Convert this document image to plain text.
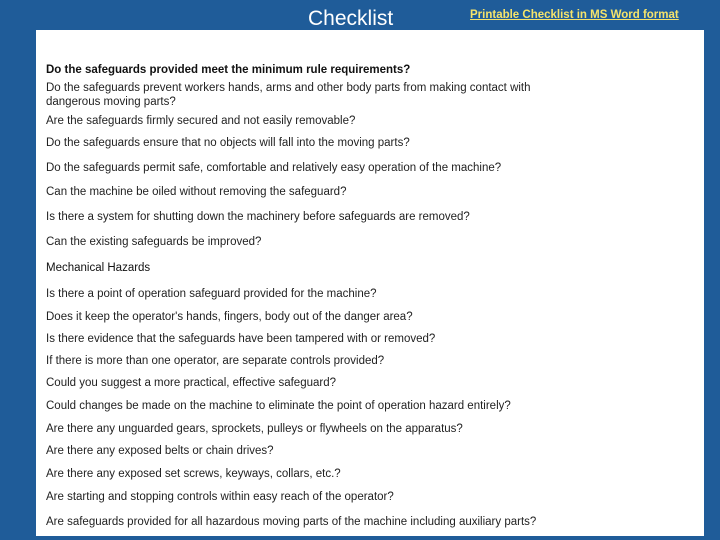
Checklist	Printable Checklist in MS Word format
Do the safeguards provided meet the minimum rule requirements?
Do the safeguards prevent workers hands, arms and other body parts from making contact with dangerous moving parts?
Are the safeguards firmly secured and not easily removable?
Do the safeguards ensure that no objects will fall into the moving parts?
Do the safeguards permit safe, comfortable and relatively easy operation of the machine?
Can the machine be oiled without removing the safeguard?
Is there a system for shutting down the machinery before safeguards are removed?
Can the existing safeguards be improved?
Mechanical Hazards
Is there a point of operation safeguard provided for the machine?
Does it keep the operator's hands, fingers, body out of the danger area?
Is there evidence that the safeguards have been tampered with or removed?
If there is more than one operator, are separate controls provided?
Could you suggest a more practical, effective safeguard?
Could changes be made on the machine to eliminate the point of operation hazard entirely?
Are there any unguarded gears, sprockets, pulleys or flywheels on the apparatus?
Are there any exposed belts or chain drives?
Are there any exposed set screws, keyways, collars, etc.?
Are starting and stopping controls within easy reach of the operator?
Are safeguards provided for all hazardous moving parts of the machine including auxiliary parts?
